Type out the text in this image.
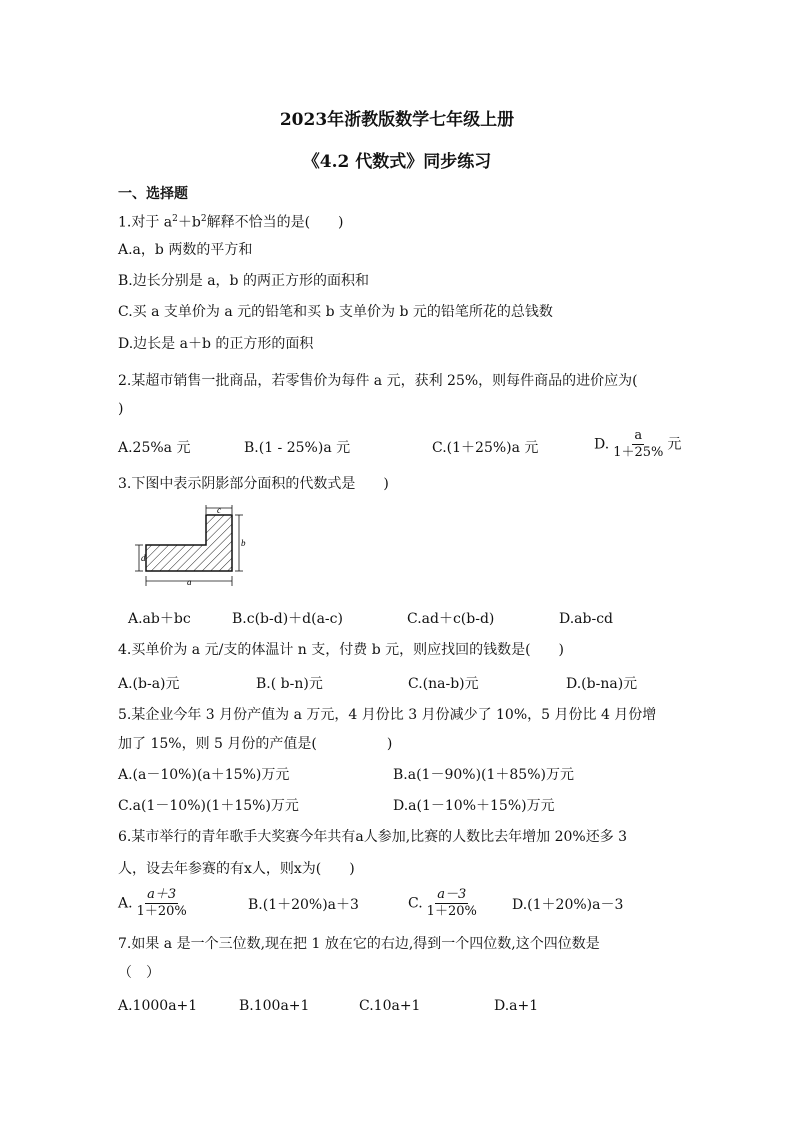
2023年浙教版数学七年级上册
《4.2 代数式》同步练习
一、选择题
1.对于 $a^2+b^2$解释不恰当的是(　　)
A.a，b 两数的平方和
B.边长分别是 a，b 的两正方形的面积和
C.买 a 支单价为 a 元的铅笔和买 b 支单价为 b 元的铅笔所花的总钱数
D.边长是 a＋b 的正方形的面积
2.某超市销售一批商品，若零售价为每件 a 元，获利 25%，则每件商品的进价应为(
)
A.25%a 元	B.(1 - 25%)a 元	C.(1＋25%)a 元	D. $\frac{a}{1+25\%}$ 元
3.下图中表示阴影部分面积的代数式是　　)
c
b
d
a
A.ab＋bc	B.c(b-d)＋d(a-c)	C.ad＋c(b-d)	D.ab-cd
4.买单价为 a 元/支的体温计 n 支，付费 b 元，则应找回的钱数是(　　)
A.(b-a)元	B.( b-n)元	C.(na-b)元	D.(b-na)元
5.某企业今年 3 月份产值为 a 万元，4 月份比 3 月份减少了 10%，5 月份比 4 月份增
加了 15%，则 5 月份的产值是(　　　　　)
A.(a－10%)(a＋15%)万元	B.a(1－90%)(1＋85%)万元
C.a(1－10%)(1＋15%)万元	D.a(1－10%＋15%)万元
6.某市举行的青年歌手大奖赛今年共有a人参加,比赛的人数比去年增加 20%还多 3
人，设去年参赛的有x人，则x为(　　)
A. $\frac{a+3}{1+20\%}$	B.(1＋20%)a＋3	C. $\frac{a-3}{1+20\%} D.(1+20\%)a-3$
7.如果 a 是一个三位数,现在把 1 放在它的右边,得到一个四位数,这个四位数是
（　）
A.1000a+1	B.100a+1	C.10a+1	D.a+1
